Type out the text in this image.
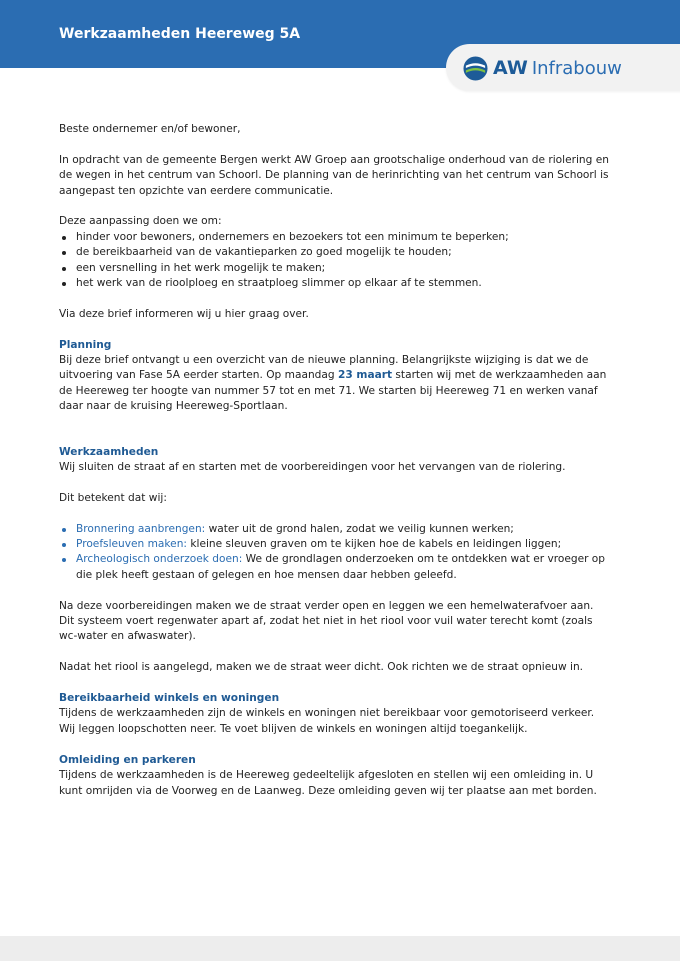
Werkzaamheden Heereweg 5A
AW Infrabouw

Beste ondernemer en/of bewoner,

In opdracht van de gemeente Bergen werkt AW Groep aan grootschalige onderhoud van de riolering en de wegen in het centrum van Schoorl. De planning van de herinrichting van het centrum van Schoorl is aangepast ten opzichte van eerdere communicatie.

Deze aanpassing doen we om:

hinder voor bewoners, ondernemers en bezoekers tot een minimum te beperken;
de bereikbaarheid van de vakantieparken zo goed mogelijk te houden;
een versnelling in het werk mogelijk te maken;
het werk van de rioolploeg en straatploeg slimmer op elkaar af te stemmen.

Via deze brief informeren wij u hier graag over.

Planning

Bij deze brief ontvangt u een overzicht van de nieuwe planning. Belangrijkste wijziging is dat we de uitvoering van Fase 5A eerder starten. Op maandag 23 maart starten wij met de werkzaamheden aan de Heereweg ter hoogte van nummer 57 tot en met 71. We starten bij Heereweg 71 en werken vanaf daar naar de kruising Heereweg-Sportlaan.

Werkzaamheden

Wij sluiten de straat af en starten met de voorbereidingen voor het vervangen van de riolering.

Dit betekent dat wij:

Bronnering aanbrengen: water uit de grond halen, zodat we veilig kunnen werken;
Proefsleuven maken: kleine sleuven graven om te kijken hoe de kabels en leidingen liggen;
Archeologisch onderzoek doen: We de grondlagen onderzoeken om te ontdekken wat er vroeger op die plek heeft gestaan of gelegen en hoe mensen daar hebben geleefd.

Na deze voorbereidingen maken we de straat verder open en leggen we een hemelwaterafvoer aan.

Dit systeem voert regenwater apart af, zodat het niet in het riool voor vuil water terecht komt (zoals wc-water en afwaswater).

Nadat het riool is aangelegd, maken we de straat weer dicht. Ook richten we de straat opnieuw in.

Bereikbaarheid winkels en woningen

Tijdens de werkzaamheden zijn de winkels en woningen niet bereikbaar voor gemotoriseerd verkeer.

Wij leggen loopschotten neer. Te voet blijven de winkels en woningen altijd toegankelijk.

Omleiding en parkeren

Tijdens de werkzaamheden is de Heereweg gedeeltelijk afgesloten en stellen wij een omleiding in. U kunt omrijden via de Voorweg en de Laanweg. Deze omleiding geven wij ter plaatse aan met borden.
